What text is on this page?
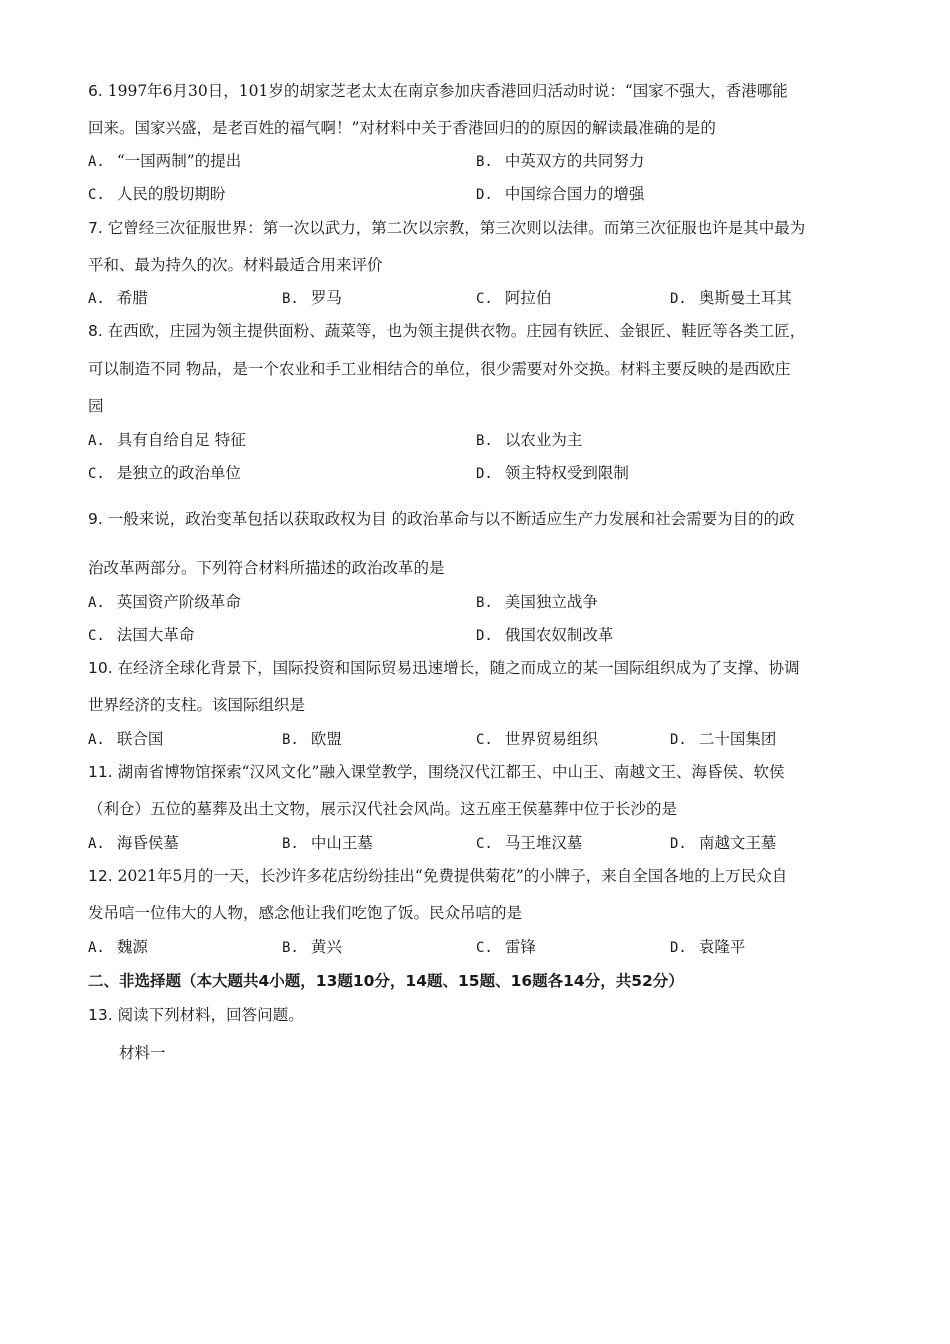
6. 1997年6月30日，101岁的胡家芝老太太在南京参加庆香港回归活动时说：“国家不强大，香港哪能
回来。国家兴盛，是老百姓的福气啊！”对材料中关于香港回归的的原因的解读最准确的是的
A. “一国两制”的提出	B. 中英双方的共同努力
C. 人民的殷切期盼	D. 中国综合国力的增强
7. 它曾经三次征服世界：第一次以武力，第二次以宗教，第三次则以法律。而第三次征服也许是其中最为
平和、最为持久的次。材料最适合用来评价
A. 希腊	B. 罗马	C. 阿拉伯	D. 奥斯曼土耳其
8. 在西欧，庄园为领主提供面粉、蔬菜等，也为领主提供衣物。庄园有铁匠、金银匠、鞋匠等各类工匠，
可以制造不同 物品，是一个农业和手工业相结合的单位，很少需要对外交换。材料主要反映的是西欧庄
园
A. 具有自给自足 特征	B. 以农业为主
C. 是独立的政治单位	D. 领主特权受到限制
9. 一般来说，政治变革包括以获取政权为目 的政治革命与以不断适应生产力发展和社会需要为目的的政
治改革两部分。下列符合材料所描述的政治改革的是
A. 英国资产阶级革命	B. 美国独立战争
C. 法国大革命	D. 俄国农奴制改革
10. 在经济全球化背景下，国际投资和国际贸易迅速增长，随之而成立的某一国际组织成为了支撑、协调
世界经济的支柱。该国际组织是
A. 联合国	B. 欧盟	C. 世界贸易组织	D. 二十国集团
11. 湖南省博物馆探索“汉风文化”融入课堂教学，围绕汉代江都王、中山王、南越文王、海昏侯、软侯
（利仓）五位的墓葬及出土文物，展示汉代社会风尚。这五座王侯墓葬中位于长沙的是
A. 海昏侯墓	B. 中山王墓	C. 马王堆汉墓	D. 南越文王墓
12. 2021年5月的一天，长沙许多花店纷纷挂出“免费提供菊花”的小牌子，来自全国各地的上万民众自
发吊唁一位伟大的人物，感念他让我们吃饱了饭。民众吊唁的是
A. 魏源	B. 黄兴	C. 雷锋	D. 袁隆平
二、非选择题（本大题共4小题，13题10分，14题、15题、16题各14分，共52分）
13. 阅读下列材料，回答问题。
材料一
